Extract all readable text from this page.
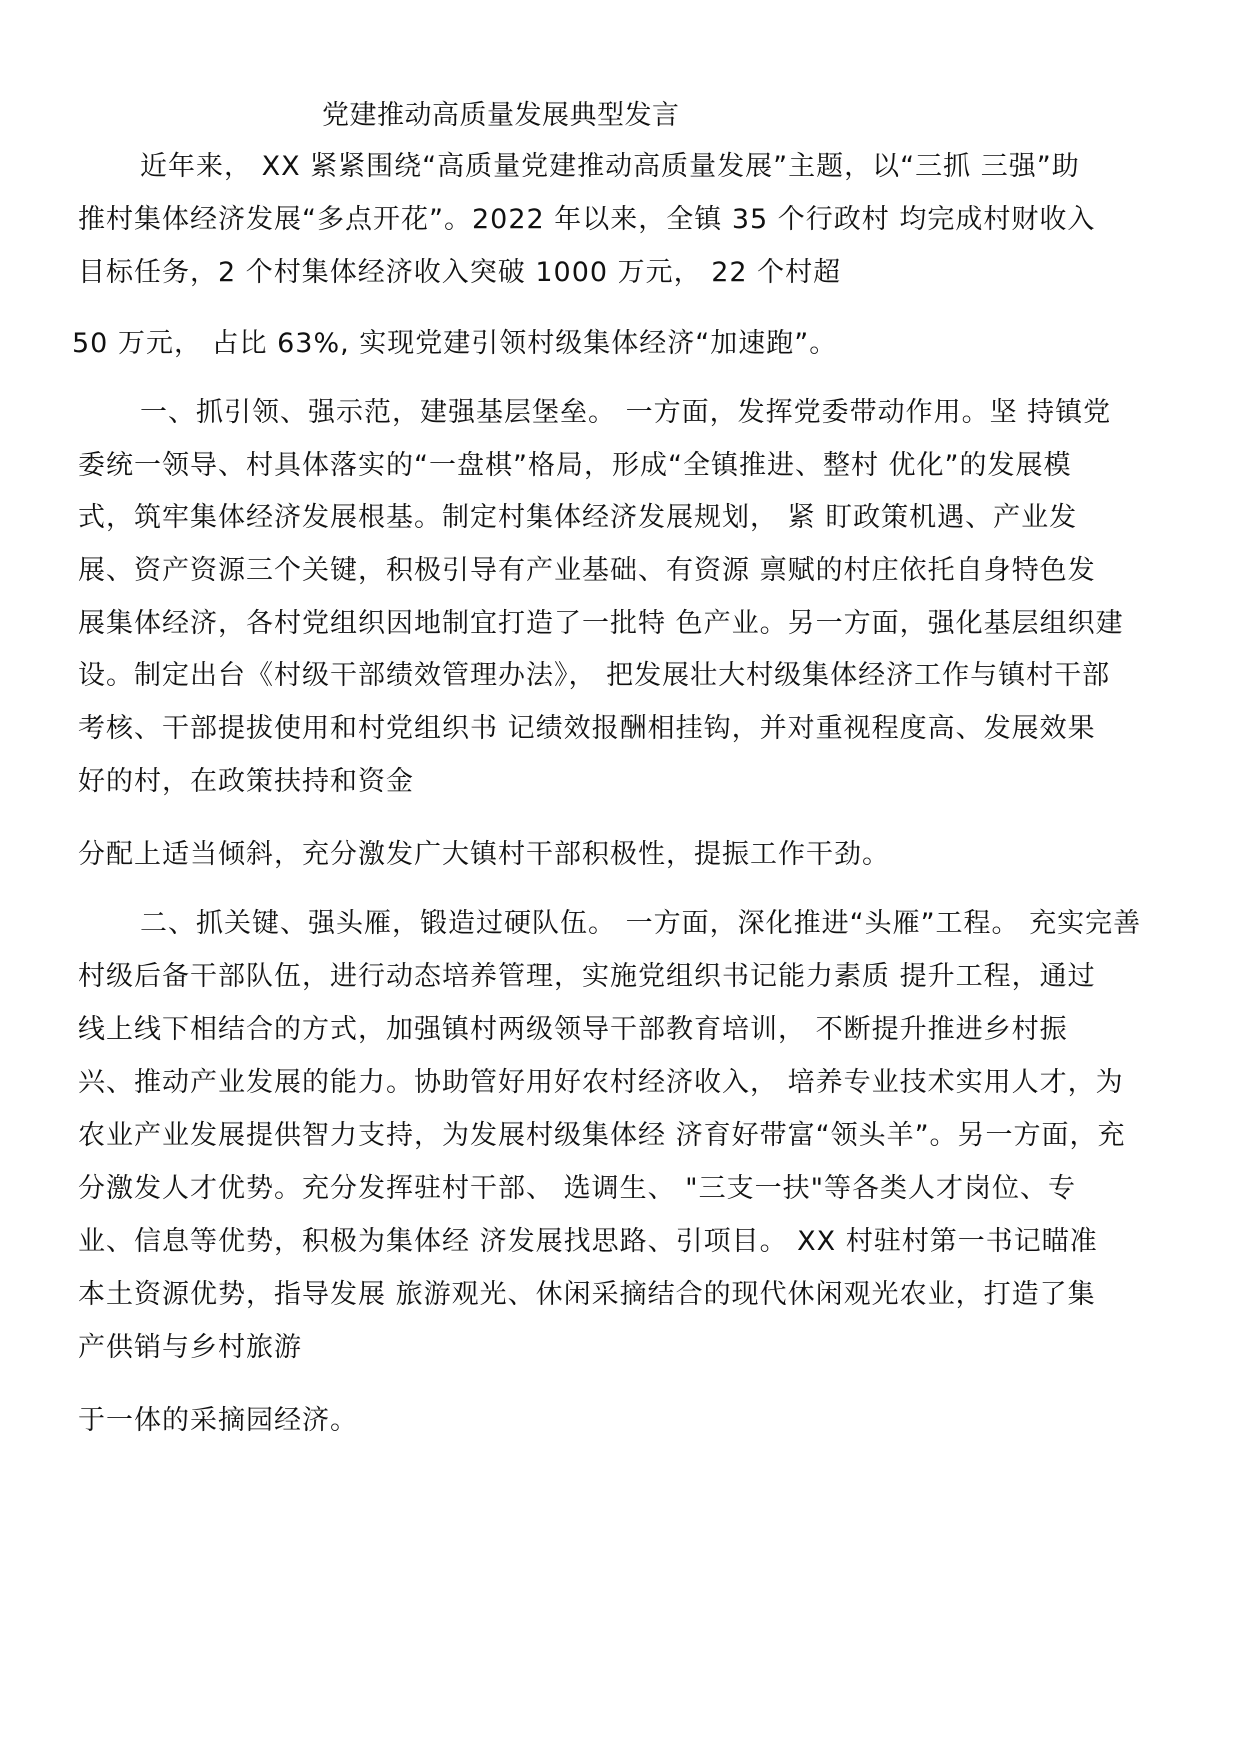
党建推动高质量发展典型发言
近年来， XX 紧紧围绕“高质量党建推动高质量发展”主题，以“三抓 三强”助
推村集体经济发展“多点开花”。2022 年以来，全镇 35 个行政村 均完成村财收入
目标任务，2 个村集体经济收入突破 1000 万元， 22 个村超
50 万元， 占比 63%, 实现党建引领村级集体经济“加速跑”。
一、抓引领、强示范，建强基层堡垒。 一方面，发挥党委带动作用。坚 持镇党
委统一领导、村具体落实的“一盘棋”格局，形成“全镇推进、整村 优化”的发展模
式，筑牢集体经济发展根基。制定村集体经济发展规划， 紧 盯政策机遇、产业发
展、资产资源三个关键，积极引导有产业基础、有资源 禀赋的村庄依托自身特色发
展集体经济，各村党组织因地制宜打造了一批特 色产业。另一方面，强化基层组织建
设。制定出台《村级干部绩效管理办法》， 把发展壮大村级集体经济工作与镇村干部
考核、干部提拔使用和村党组织书 记绩效报酬相挂钩，并对重视程度高、发展效果
好的村，在政策扶持和资金
分配上适当倾斜，充分激发广大镇村干部积极性，提振工作干劲。
二、抓关键、强头雁，锻造过硬队伍。 一方面，深化推进“头雁”工程。 充实完善
村级后备干部队伍，进行动态培养管理，实施党组织书记能力素质 提升工程，通过
线上线下相结合的方式，加强镇村两级领导干部教育培训， 不断提升推进乡村振
兴、推动产业发展的能力。协助管好用好农村经济收入， 培养专业技术实用人才，为
农业产业发展提供智力支持，为发展村级集体经 济育好带富“领头羊”。另一方面，充
分激发人才优势。充分发挥驻村干部、 选调生、 "三支一扶"等各类人才岗位、专
业、信息等优势，积极为集体经 济发展找思路、引项目。 XX 村驻村第一书记瞄准
本土资源优势，指导发展 旅游观光、休闲采摘结合的现代休闲观光农业，打造了集
产供销与乡村旅游
于一体的采摘园经济。
